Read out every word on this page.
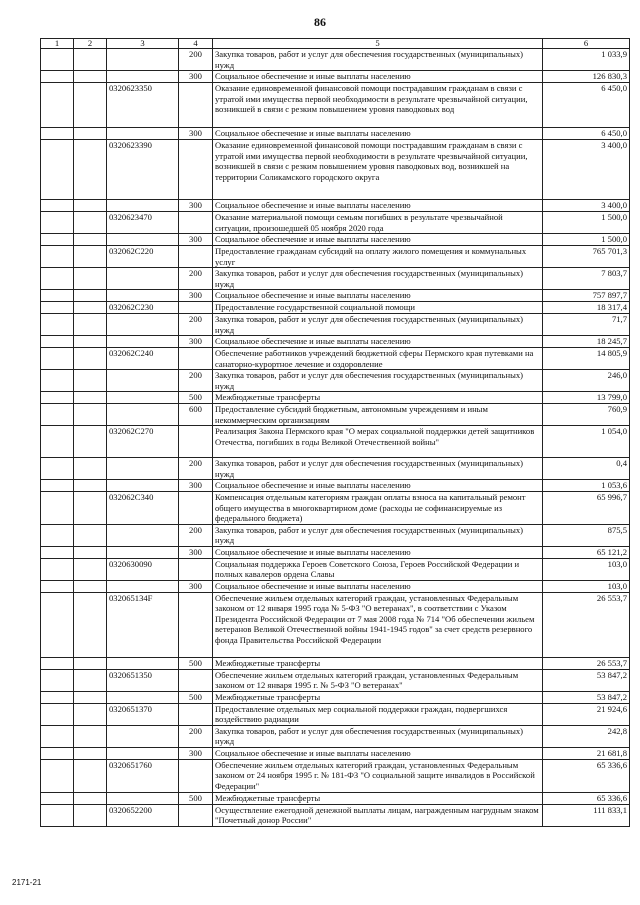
86
1	2	3	4	5	6
			200	Закупка товаров, работ и услуг для обеспечения государственных (муниципальных) нужд	1 033,9
			300	Социальное обеспечение и иные выплаты населению	126 830,3
		0320623350		Оказание единовременной финансовой помощи пострадавшим гражданам в связи с утратой ими имущества первой необходимости в результате чрезвычайной ситуации, возникшей в связи с резким повышением уровня паводковых вод	6 450,0
			300	Социальное обеспечение и иные выплаты населению	6 450,0
		0320623390		Оказание единовременной финансовой помощи пострадавшим гражданам в связи с утратой ими имущества первой необходимости в результате чрезвычайной ситуации, возникшей в связи с резким повышением уровня паводковых вод, возникшей на территории Соликамского городского округа	3 400,0
			300	Социальное обеспечение и иные выплаты населению	3 400,0
		0320623470		Оказание материальной помощи семьям погибших в результате чрезвычайной ситуации, произошедшей 05 ноября 2020 года	1 500,0
			300	Социальное обеспечение и иные выплаты населению	1 500,0
		032062C220		Предоставление гражданам субсидий на оплату жилого помещения и коммунальных услуг	765 701,3
			200	Закупка товаров, работ и услуг для обеспечения государственных (муниципальных) нужд	7 803,7
			300	Социальное обеспечение и иные выплаты населению	757 897,7
		032062C230		Предоставление государственной социальной помощи	18 317,4
			200	Закупка товаров, работ и услуг для обеспечения государственных (муниципальных) нужд	71,7
			300	Социальное обеспечение и иные выплаты населению	18 245,7
		032062C240		Обеспечение работников учреждений бюджетной сферы Пермского края путевками на санаторно-курортное лечение и оздоровление	14 805,9
			200	Закупка товаров, работ и услуг для обеспечения государственных (муниципальных) нужд	246,0
			500	Межбюджетные трансферты	13 799,0
			600	Предоставление субсидий бюджетным, автономным учреждениям и иным некоммерческим организациям	760,9
		032062C270		Реализация Закона Пермского края "О мерах социальной поддержки детей защитников Отечества, погибших в годы Великой Отечественной войны"	1 054,0
			200	Закупка товаров, работ и услуг для обеспечения государственных (муниципальных) нужд	0,4
			300	Социальное обеспечение и иные выплаты населению	1 053,6
		032062C340		Компенсация отдельным категориям граждан оплаты взноса на капитальный ремонт общего имущества в многоквартирном доме (расходы не софинансируемые из федерального бюджета)	65 996,7
			200	Закупка товаров, работ и услуг для обеспечения государственных (муниципальных) нужд	875,5
			300	Социальное обеспечение и иные выплаты населению	65 121,2
		0320630090		Социальная поддержка Героев Советского Союза, Героев Российской Федерации и полных кавалеров ордена Славы	103,0
			300	Социальное обеспечение и иные выплаты населению	103,0
		032065134F		Обеспечение жильем отдельных категорий граждан, установленных Федеральным законом от 12 января 1995 года № 5-ФЗ "О ветеранах", в соответствии с Указом Президента Российской Федерации от 7 мая 2008 года № 714 "Об обеспечении жильем ветеранов Великой Отечественной войны 1941-1945 годов" за счет средств резервного фонда Правительства Российской Федерации	26 553,7
			500	Межбюджетные трансферты	26 553,7
		0320651350		Обеспечение жильем отдельных категорий граждан, установленных Федеральным законом от 12 января 1995 г. № 5-ФЗ "О ветеранах"	53 847,2
			500	Межбюджетные трансферты	53 847,2
		0320651370		Предоставление отдельных мер социальной поддержки граждан, подвергшихся воздействию радиации	21 924,6
			200	Закупка товаров, работ и услуг для обеспечения государственных (муниципальных) нужд	242,8
			300	Социальное обеспечение и иные выплаты населению	21 681,8
		0320651760		Обеспечение жильем отдельных категорий граждан, установленных Федеральным законом от 24 ноября 1995 г. № 181-ФЗ "О социальной защите инвалидов в Российской Федерации"	65 336,6
			500	Межбюджетные трансферты	65 336,6
		0320652200		Осуществление ежегодной денежной выплаты лицам, награжденным нагрудным знаком "Почетный донор России"	111 833,1
2171-21
